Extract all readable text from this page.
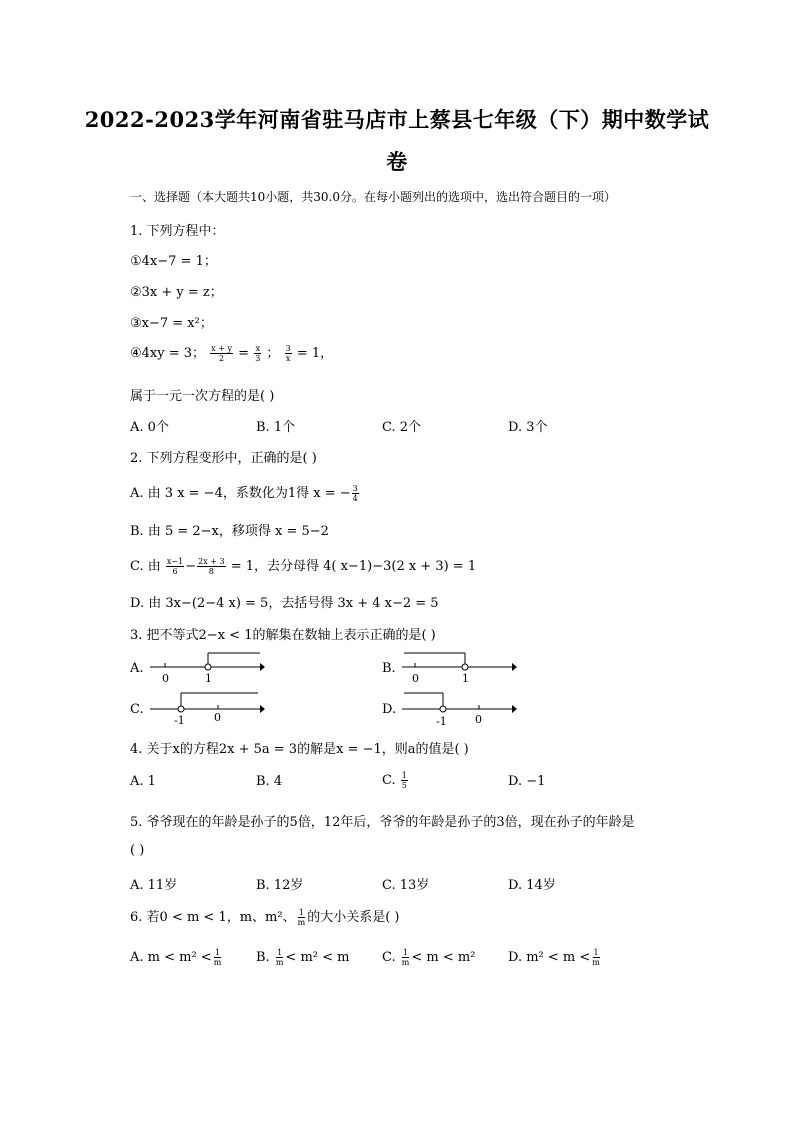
2022-2023学年河南省驻马店市上蔡县七年级（下）期中数学试
卷
一、选择题（本大题共10小题，共30.0分。在每小题列出的选项中，选出符合题目的一项）
1. 下列方程中：
①4x−7 = 1；
②3x + y = z；
③x−7 = x²；
④4xy = 3； $\frac{x + y}{2} = \frac{x}{3}$ ； $\frac{3}{x} = 1$，
属于一元一次方程的是( )
A. 0个	B. 1个	C. 2个	D. 3个
2. 下列方程变形中，正确的是( )
A. 由 3 x = −4，系数化为1得 x = − $\frac{3}{4}$
B. 由 5 = 2−x，移项得 x = 5−2
C. 由 $\frac{x-1}{6} - \frac{2x + 3}{8} = 1$，去分母得 4( x−1)−3(2 x + 3) = 1
D. 由 3x−(2−4 x) = 5，去括号得 3x + 4 x−2 = 5
3. 把不等式2−x < 1的解集在数轴上表示正确的是( )
A.
0	1
B.
0	1
C.
-1	0
D.
-1	0
4. 关于x的方程2x + 5a = 3的解是x = −1，则a的值是( )
A. 1	B. 4	C. $\frac{1}{5}$	D. −1
5. 爷爷现在的年龄是孙子的5倍，12年后，爷爷的年龄是孙子的3倍，现在孙子的年龄是
( )
A. 11岁	B. 12岁	C. 13岁	D. 14岁
6. 若0 < m < 1，m、m²、 $\frac{1}{m}$ 的大小关系是( )
A. $m < m^2 < \frac{1}{m}$	B. $\frac{1}{m} < m^2 < m$	C. $\frac{1}{m} < m < m^2$	D. $m^2 < m < \frac{1}{m}$
